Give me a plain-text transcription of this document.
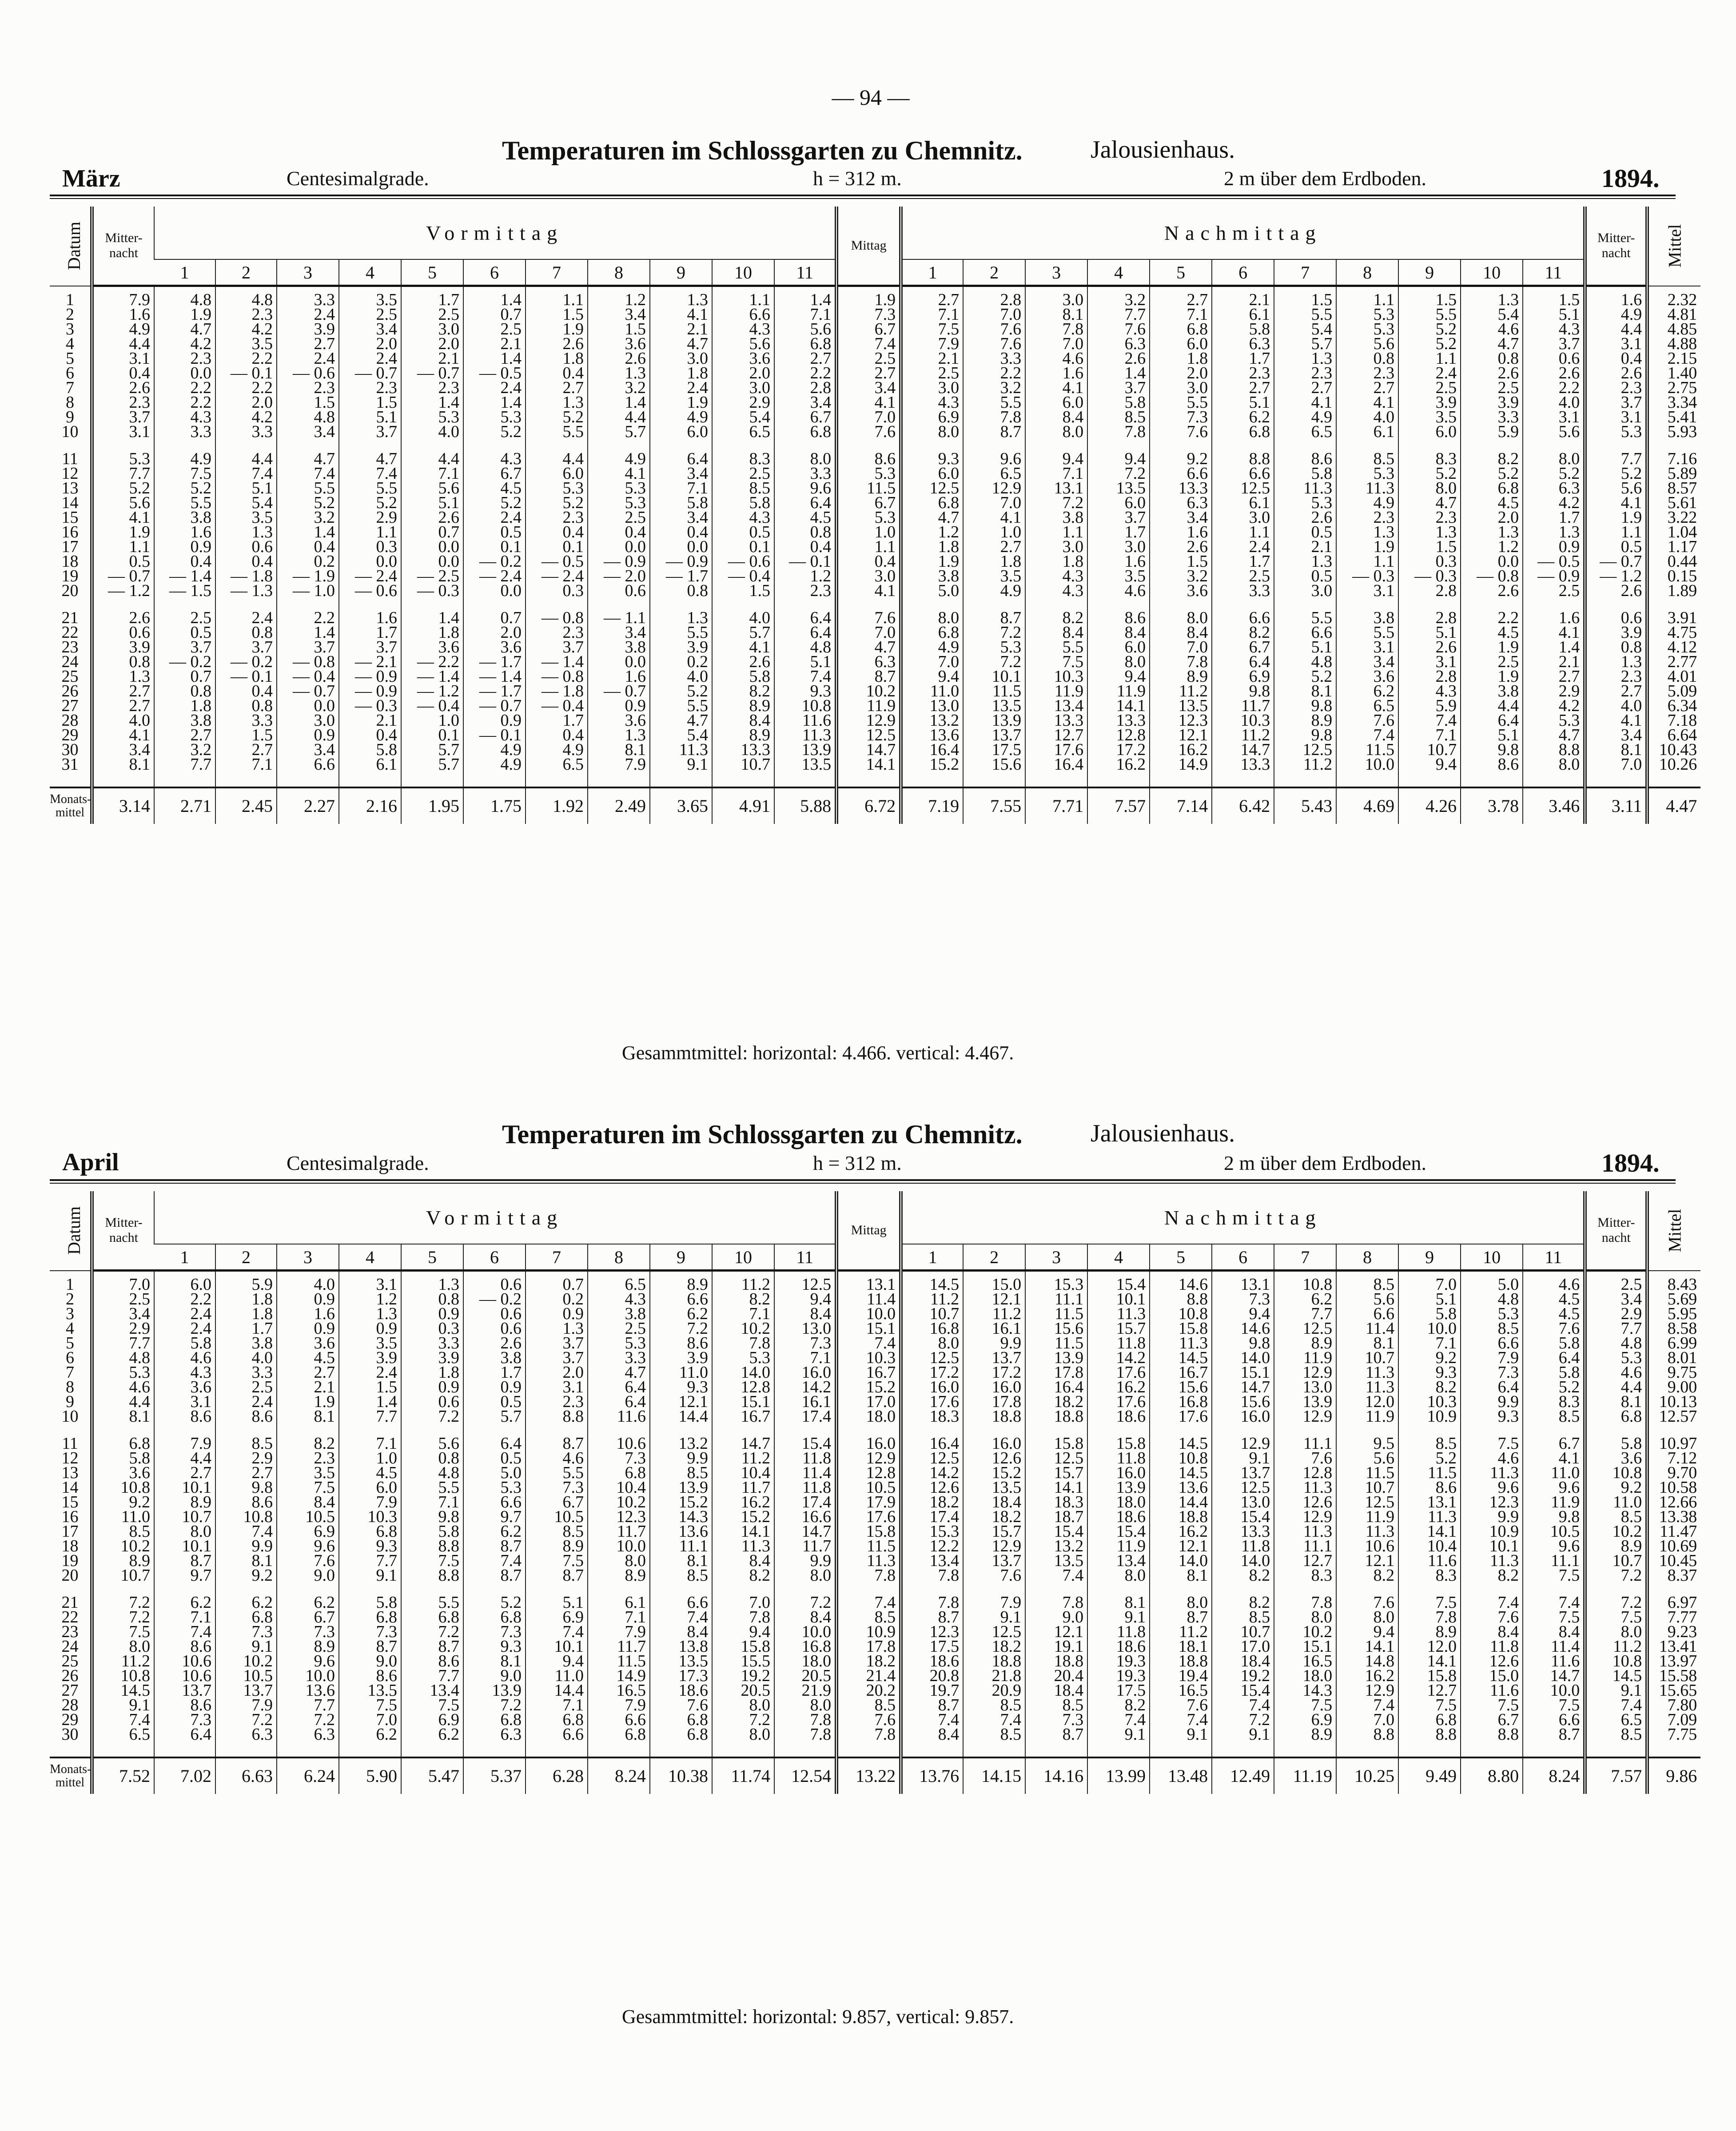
— 94 —
Temperaturen im Schlossgarten zu Chemnitz.	Jalousienhaus.
März	Centesimalgrade.	h = 312 m.	2 m über dem Erdboden.	1894.
Datum	Mitter-
nacht	Vormittag											Mittag	Nachmittag											Mitter-
nacht	Mittel
		1	2	3	4	5	6	7	8	9	10	11		1	2	3	4	5	6	7	8	9	10	11		
1	7.9	4.8	4.8	3.3	3.5	1.7	1.4	1.1	1.2	1.3	1.1	1.4	1.9	2.7	2.8	3.0	3.2	2.7	2.1	1.5	1.1	1.5	1.3	1.5	1.6	2.32
2	1.6	1.9	2.3	2.4	2.5	2.5	0.7	1.5	3.4	4.1	6.6	7.1	7.3	7.1	7.0	8.1	7.7	7.1	6.1	5.5	5.3	5.5	5.4	5.1	4.9	4.81
3	4.9	4.7	4.2	3.9	3.4	3.0	2.5	1.9	1.5	2.1	4.3	5.6	6.7	7.5	7.6	7.8	7.6	6.8	5.8	5.4	5.3	5.2	4.6	4.3	4.4	4.85
4	4.4	4.2	3.5	2.7	2.0	2.0	2.1	2.6	3.6	4.7	5.6	6.8	7.4	7.9	7.6	7.0	6.3	6.0	6.3	5.7	5.6	5.2	4.7	3.7	3.1	4.88
5	3.1	2.3	2.2	2.4	2.4	2.1	1.4	1.8	2.6	3.0	3.6	2.7	2.5	2.1	3.3	4.6	2.6	1.8	1.7	1.3	0.8	1.1	0.8	0.6	0.4	2.15
6	0.4	0.0	— 0.1	— 0.6	— 0.7	— 0.7	— 0.5	0.4	1.3	1.8	2.0	2.2	2.7	2.5	2.2	1.6	1.4	2.0	2.3	2.3	2.3	2.4	2.6	2.6	2.6	1.40
7	2.6	2.2	2.2	2.3	2.3	2.3	2.4	2.7	3.2	2.4	3.0	2.8	3.4	3.0	3.2	4.1	3.7	3.0	2.7	2.7	2.7	2.5	2.5	2.2	2.3	2.75
8	2.3	2.2	2.0	1.5	1.5	1.4	1.4	1.3	1.4	1.9	2.9	3.4	4.1	4.3	5.5	6.0	5.8	5.5	5.1	4.1	4.1	3.9	3.9	4.0	3.7	3.34
9	3.7	4.3	4.2	4.8	5.1	5.3	5.3	5.2	4.4	4.9	5.4	6.7	7.0	6.9	7.8	8.4	8.5	7.3	6.2	4.9	4.0	3.5	3.3	3.1	3.1	5.41
10	3.1	3.3	3.3	3.4	3.7	4.0	5.2	5.5	5.7	6.0	6.5	6.8	7.6	8.0	8.7	8.0	7.8	7.6	6.8	6.5	6.1	6.0	5.9	5.6	5.3	5.93

11	5.3	4.9	4.4	4.7	4.7	4.4	4.3	4.4	4.9	6.4	8.3	8.0	8.6	9.3	9.6	9.4	9.4	9.2	8.8	8.6	8.5	8.3	8.2	8.0	7.7	7.16
12	7.7	7.5	7.4	7.4	7.4	7.1	6.7	6.0	4.1	3.4	2.5	3.3	5.3	6.0	6.5	7.1	7.2	6.6	6.6	5.8	5.3	5.2	5.2	5.2	5.2	5.89
13	5.2	5.2	5.1	5.5	5.5	5.6	4.5	5.3	5.3	7.1	8.5	9.6	11.5	12.5	12.9	13.1	13.5	13.3	12.5	11.3	11.3	8.0	6.8	6.3	5.6	8.57
14	5.6	5.5	5.4	5.2	5.2	5.1	5.2	5.2	5.3	5.8	5.8	6.4	6.7	6.8	7.0	7.2	6.0	6.3	6.1	5.3	4.9	4.7	4.5	4.2	4.1	5.61
15	4.1	3.8	3.5	3.2	2.9	2.6	2.4	2.3	2.5	3.4	4.3	4.5	5.3	4.7	4.1	3.8	3.7	3.4	3.0	2.6	2.3	2.3	2.0	1.7	1.9	3.22
16	1.9	1.6	1.3	1.4	1.1	0.7	0.5	0.4	0.4	0.4	0.5	0.8	1.0	1.2	1.0	1.1	1.7	1.6	1.1	0.5	1.3	1.3	1.3	1.3	1.1	1.04
17	1.1	0.9	0.6	0.4	0.3	0.0	0.1	0.1	0.0	0.0	0.1	0.4	1.1	1.8	2.7	3.0	3.0	2.6	2.4	2.1	1.9	1.5	1.2	0.9	0.5	1.17
18	0.5	0.4	0.4	0.2	0.0	0.0	— 0.2	— 0.5	— 0.9	— 0.9	— 0.6	— 0.1	0.4	1.9	1.8	1.8	1.6	1.5	1.7	1.3	1.1	0.3	0.0	— 0.5	— 0.7	0.44
19	— 0.7	— 1.4	— 1.8	— 1.9	— 2.4	— 2.5	— 2.4	— 2.4	— 2.0	— 1.7	— 0.4	1.2	3.0	3.8	3.5	4.3	3.5	3.2	2.5	0.5	— 0.3	— 0.3	— 0.8	— 0.9	— 1.2	0.15
20	— 1.2	— 1.5	— 1.3	— 1.0	— 0.6	— 0.3	0.0	0.3	0.6	0.8	1.5	2.3	4.1	5.0	4.9	4.3	4.6	3.6	3.3	3.0	3.1	2.8	2.6	2.5	2.6	1.89

21	2.6	2.5	2.4	2.2	1.6	1.4	0.7	— 0.8	— 1.1	1.3	4.0	6.4	7.6	8.0	8.7	8.2	8.6	8.0	6.6	5.5	3.8	2.8	2.2	1.6	0.6	3.91
22	0.6	0.5	0.8	1.4	1.7	1.8	2.0	2.3	3.4	5.5	5.7	6.4	7.0	6.8	7.2	8.4	8.4	8.4	8.2	6.6	5.5	5.1	4.5	4.1	3.9	4.75
23	3.9	3.7	3.7	3.7	3.7	3.6	3.6	3.7	3.8	3.9	4.1	4.8	4.7	4.9	5.3	5.5	6.0	7.0	6.7	5.1	3.1	2.6	1.9	1.4	0.8	4.12
24	0.8	— 0.2	— 0.2	— 0.8	— 2.1	— 2.2	— 1.7	— 1.4	0.0	0.2	2.6	5.1	6.3	7.0	7.2	7.5	8.0	7.8	6.4	4.8	3.4	3.1	2.5	2.1	1.3	2.77
25	1.3	0.7	— 0.1	— 0.4	— 0.9	— 1.4	— 1.4	— 0.8	1.6	4.0	5.8	7.4	8.7	9.4	10.1	10.3	9.4	8.9	6.9	5.2	3.6	2.8	1.9	2.7	2.3	4.01
26	2.7	0.8	0.4	— 0.7	— 0.9	— 1.2	— 1.7	— 1.8	— 0.7	5.2	8.2	9.3	10.2	11.0	11.5	11.9	11.9	11.2	9.8	8.1	6.2	4.3	3.8	2.9	2.7	5.09
27	2.7	1.8	0.8	0.0	— 0.3	— 0.4	— 0.7	— 0.4	0.9	5.5	8.9	10.8	11.9	13.0	13.5	13.4	14.1	13.5	11.7	9.8	6.5	5.9	4.4	4.2	4.0	6.34
28	4.0	3.8	3.3	3.0	2.1	1.0	0.9	1.7	3.6	4.7	8.4	11.6	12.9	13.2	13.9	13.3	13.3	12.3	10.3	8.9	7.6	7.4	6.4	5.3	4.1	7.18
29	4.1	2.7	1.5	0.9	0.4	0.1	— 0.1	0.4	1.3	5.4	8.9	11.3	12.5	13.6	13.7	12.7	12.8	12.1	11.2	9.8	7.4	7.1	5.1	4.7	3.4	6.64
30	3.4	3.2	2.7	3.4	5.8	5.7	4.9	4.9	8.1	11.3	13.3	13.9	14.7	16.4	17.5	17.6	17.2	16.2	14.7	12.5	11.5	10.7	9.8	8.8	8.1	10.43
31	8.1	7.7	7.1	6.6	6.1	5.7	4.9	6.5	7.9	9.1	10.7	13.5	14.1	15.2	15.6	16.4	16.2	14.9	13.3	11.2	10.0	9.4	8.6	8.0	7.0	10.26

Monats-
mittel	3.14	2.71	2.45	2.27	2.16	1.95	1.75	1.92	2.49	3.65	4.91	5.88	6.72	7.19	7.55	7.71	7.57	7.14	6.42	5.43	4.69	4.26	3.78	3.46	3.11	4.47
Gesammtmittel: horizontal: 4.466. vertical: 4.467.
Temperaturen im Schlossgarten zu Chemnitz.	Jalousienhaus.
April	Centesimalgrade.	h = 312 m.	2 m über dem Erdboden.	1894.
Datum	Mitter-
nacht	Vormittag											Mittag	Nachmittag											Mitter-
nacht	Mittel
		1	2	3	4	5	6	7	8	9	10	11		1	2	3	4	5	6	7	8	9	10	11		
1	7.0	6.0	5.9	4.0	3.1	1.3	0.6	0.7	6.5	8.9	11.2	12.5	13.1	14.5	15.0	15.3	15.4	14.6	13.1	10.8	8.5	7.0	5.0	4.6	2.5	8.43
2	2.5	2.2	1.8	0.9	1.2	0.8	— 0.2	0.2	4.3	6.6	8.2	9.4	11.4	11.2	12.1	11.1	10.1	8.8	7.3	6.2	5.6	5.1	4.8	4.5	3.4	5.69
3	3.4	2.4	1.8	1.6	1.3	0.9	0.6	0.9	3.8	6.2	7.1	8.4	10.0	10.7	11.2	11.5	11.3	10.8	9.4	7.7	6.6	5.8	5.3	4.5	2.9	5.95
4	2.9	2.4	1.7	0.9	0.9	0.3	0.6	1.3	2.5	7.2	10.2	13.0	15.1	16.8	16.1	15.6	15.7	15.8	14.6	12.5	11.4	10.0	8.5	7.6	7.7	8.58
5	7.7	5.8	3.8	3.6	3.5	3.3	2.6	3.7	5.3	8.6	7.8	7.3	7.4	8.0	9.9	11.5	11.8	11.3	9.8	8.9	8.1	7.1	6.6	5.8	4.8	6.99
6	4.8	4.6	4.0	4.5	3.9	3.9	3.8	3.7	3.3	3.9	5.3	7.1	10.3	12.5	13.7	13.9	14.2	14.5	14.0	11.9	10.7	9.2	7.9	6.4	5.3	8.01
7	5.3	4.3	3.3	2.7	2.4	1.8	1.7	2.0	4.7	11.0	14.0	16.0	16.7	17.2	17.2	17.8	17.6	16.7	15.1	12.9	11.3	9.3	7.3	5.8	4.6	9.75
8	4.6	3.6	2.5	2.1	1.5	0.9	0.9	3.1	6.4	9.3	12.8	14.2	15.2	16.0	16.0	16.4	16.2	15.6	14.7	13.0	11.3	8.2	6.4	5.2	4.4	9.00
9	4.4	3.1	2.4	1.9	1.4	0.6	0.5	2.3	6.4	12.1	15.1	16.1	17.0	17.6	17.8	18.2	17.6	16.8	15.6	13.9	12.0	10.3	9.9	8.3	8.1	10.13
10	8.1	8.6	8.6	8.1	7.7	7.2	5.7	8.8	11.6	14.4	16.7	17.4	18.0	18.3	18.8	18.8	18.6	17.6	16.0	12.9	11.9	10.9	9.3	8.5	6.8	12.57

11	6.8	7.9	8.5	8.2	7.1	5.6	6.4	8.7	10.6	13.2	14.7	15.4	16.0	16.4	16.0	15.8	15.8	14.5	12.9	11.1	9.5	8.5	7.5	6.7	5.8	10.97
12	5.8	4.4	2.9	2.3	1.0	0.8	0.5	4.6	7.3	9.9	11.2	11.8	12.9	12.5	12.6	12.5	11.8	10.8	9.1	7.6	5.6	5.2	4.6	4.1	3.6	7.12
13	3.6	2.7	2.7	3.5	4.5	4.8	5.0	5.5	6.8	8.5	10.4	11.4	12.8	14.2	15.2	15.7	16.0	14.5	13.7	12.8	11.5	11.5	11.3	11.0	10.8	9.70
14	10.8	10.1	9.8	7.5	6.0	5.5	5.3	7.3	10.4	13.9	11.7	11.8	10.5	12.6	13.5	14.1	13.9	13.6	12.5	11.3	10.7	8.6	9.6	9.6	9.2	10.58
15	9.2	8.9	8.6	8.4	7.9	7.1	6.6	6.7	10.2	15.2	16.2	17.4	17.9	18.2	18.4	18.3	18.0	14.4	13.0	12.6	12.5	13.1	12.3	11.9	11.0	12.66
16	11.0	10.7	10.8	10.5	10.3	9.8	9.7	10.5	12.3	14.3	15.2	16.6	17.6	17.4	18.2	18.7	18.6	18.8	15.4	12.9	11.9	11.3	9.9	9.8	8.5	13.38
17	8.5	8.0	7.4	6.9	6.8	5.8	6.2	8.5	11.7	13.6	14.1	14.7	15.8	15.3	15.7	15.4	15.4	16.2	13.3	11.3	11.3	14.1	10.9	10.5	10.2	11.47
18	10.2	10.1	9.9	9.6	9.3	8.8	8.7	8.9	10.0	11.1	11.3	11.7	11.5	12.2	12.9	13.2	11.9	12.1	11.8	11.1	10.6	10.4	10.1	9.6	8.9	10.69
19	8.9	8.7	8.1	7.6	7.7	7.5	7.4	7.5	8.0	8.1	8.4	9.9	11.3	13.4	13.7	13.5	13.4	14.0	14.0	12.7	12.1	11.6	11.3	11.1	10.7	10.45
20	10.7	9.7	9.2	9.0	9.1	8.8	8.7	8.7	8.9	8.5	8.2	8.0	7.8	7.8	7.6	7.4	8.0	8.1	8.2	8.3	8.2	8.3	8.2	7.5	7.2	8.37

21	7.2	6.2	6.2	6.2	5.8	5.5	5.2	5.1	6.1	6.6	7.0	7.2	7.4	7.8	7.9	7.8	8.1	8.0	8.2	7.8	7.6	7.5	7.4	7.4	7.2	6.97
22	7.2	7.1	6.8	6.7	6.8	6.8	6.8	6.9	7.1	7.4	7.8	8.4	8.5	8.7	9.1	9.0	9.1	8.7	8.5	8.0	8.0	7.8	7.6	7.5	7.5	7.77
23	7.5	7.4	7.3	7.3	7.3	7.2	7.3	7.4	7.9	8.4	9.4	10.0	10.9	12.3	12.5	12.1	11.8	11.2	10.7	10.2	9.4	8.9	8.4	8.4	8.0	9.23
24	8.0	8.6	9.1	8.9	8.7	8.7	9.3	10.1	11.7	13.8	15.8	16.8	17.8	17.5	18.2	19.1	18.6	18.1	17.0	15.1	14.1	12.0	11.8	11.4	11.2	13.41
25	11.2	10.6	10.2	9.6	9.0	8.6	8.1	9.4	11.5	13.5	15.5	18.0	18.2	18.6	18.8	18.8	19.3	18.8	18.4	16.5	14.8	14.1	12.6	11.6	10.8	13.97
26	10.8	10.6	10.5	10.0	8.6	7.7	9.0	11.0	14.9	17.3	19.2	20.5	21.4	20.8	21.8	20.4	19.3	19.4	19.2	18.0	16.2	15.8	15.0	14.7	14.5	15.58
27	14.5	13.7	13.7	13.6	13.5	13.4	13.9	14.4	16.5	18.6	20.5	21.9	20.2	19.7	20.9	18.4	17.5	16.5	15.4	14.3	12.9	12.7	11.6	10.0	9.1	15.65
28	9.1	8.6	7.9	7.7	7.5	7.5	7.2	7.1	7.9	7.6	8.0	8.0	8.5	8.7	8.5	8.5	8.2	7.6	7.4	7.5	7.4	7.5	7.5	7.5	7.4	7.80
29	7.4	7.3	7.2	7.2	7.0	6.9	6.8	6.8	6.6	6.8	7.2	7.8	7.6	7.4	7.4	7.3	7.4	7.4	7.2	6.9	7.0	6.8	6.7	6.6	6.5	7.09
30	6.5	6.4	6.3	6.3	6.2	6.2	6.3	6.6	6.8	6.8	8.0	7.8	7.8	8.4	8.5	8.7	9.1	9.1	9.1	8.9	8.8	8.8	8.8	8.7	8.5	7.75

Monats-
mittel	7.52	7.02	6.63	6.24	5.90	5.47	5.37	6.28	8.24	10.38	11.74	12.54	13.22	13.76	14.15	14.16	13.99	13.48	12.49	11.19	10.25	9.49	8.80	8.24	7.57	9.86
Gesammtmittel: horizontal: 9.857, vertical: 9.857.
